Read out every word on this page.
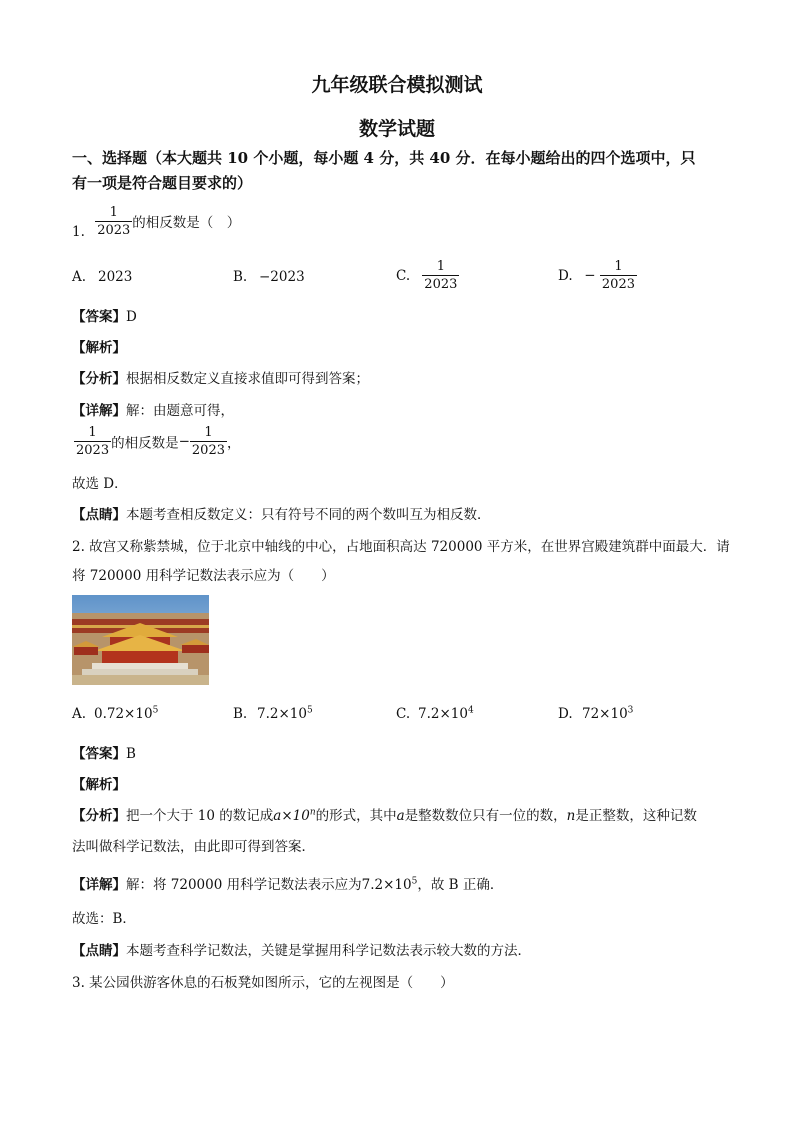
九年级联合模拟测试
数学试题
一、选择题（本大题共 10 个小题，每小题 4 分，共 40 分．在每小题给出的四个选项中，只
有一项是符合题目要求的）
1. $\frac{1}{2023}$ 的相反数是（　）
A. 2023	B. −2023	C. $\frac{1}{2023}$	D. − $\frac{1}{2023}$
【答案】D
【解析】
【分析】根据相反数定义直接求值即可得到答案；
【详解】解：由题意可得，
$\frac{1}{2023}$ 的相反数是− $\frac{1}{2023}$ ，
故选 D．
【点睛】本题考查相反数定义：只有符号不同的两个数叫互为相反数．
2. 故宫又称紫禁城，位于北京中轴线的中心，占地面积高达 720000 平方米，在世界宫殿建筑群中面最大．请
将 720000 用科学记数法表示应为（　　）
A. $0.72\times 10^5$	B. $7.2\times 10^5$	C. $7.2\times 10^4$	D. $72\times 10^3$
【答案】B
【解析】
【分析】把一个大于 10 的数记成$a\times 10^n$的形式，其中a是整数数位只有一位的数，n是正整数，这种记数
法叫做科学记数法，由此即可得到答案．
【详解】解：将 720000 用科学记数法表示应为$7.2\times 10^5$，故 B 正确．
故选：B．
【点睛】本题考查科学记数法，关键是掌握用科学记数法表示较大数的方法．
3. 某公园供游客休息的石板凳如图所示，它的左视图是（　　）
